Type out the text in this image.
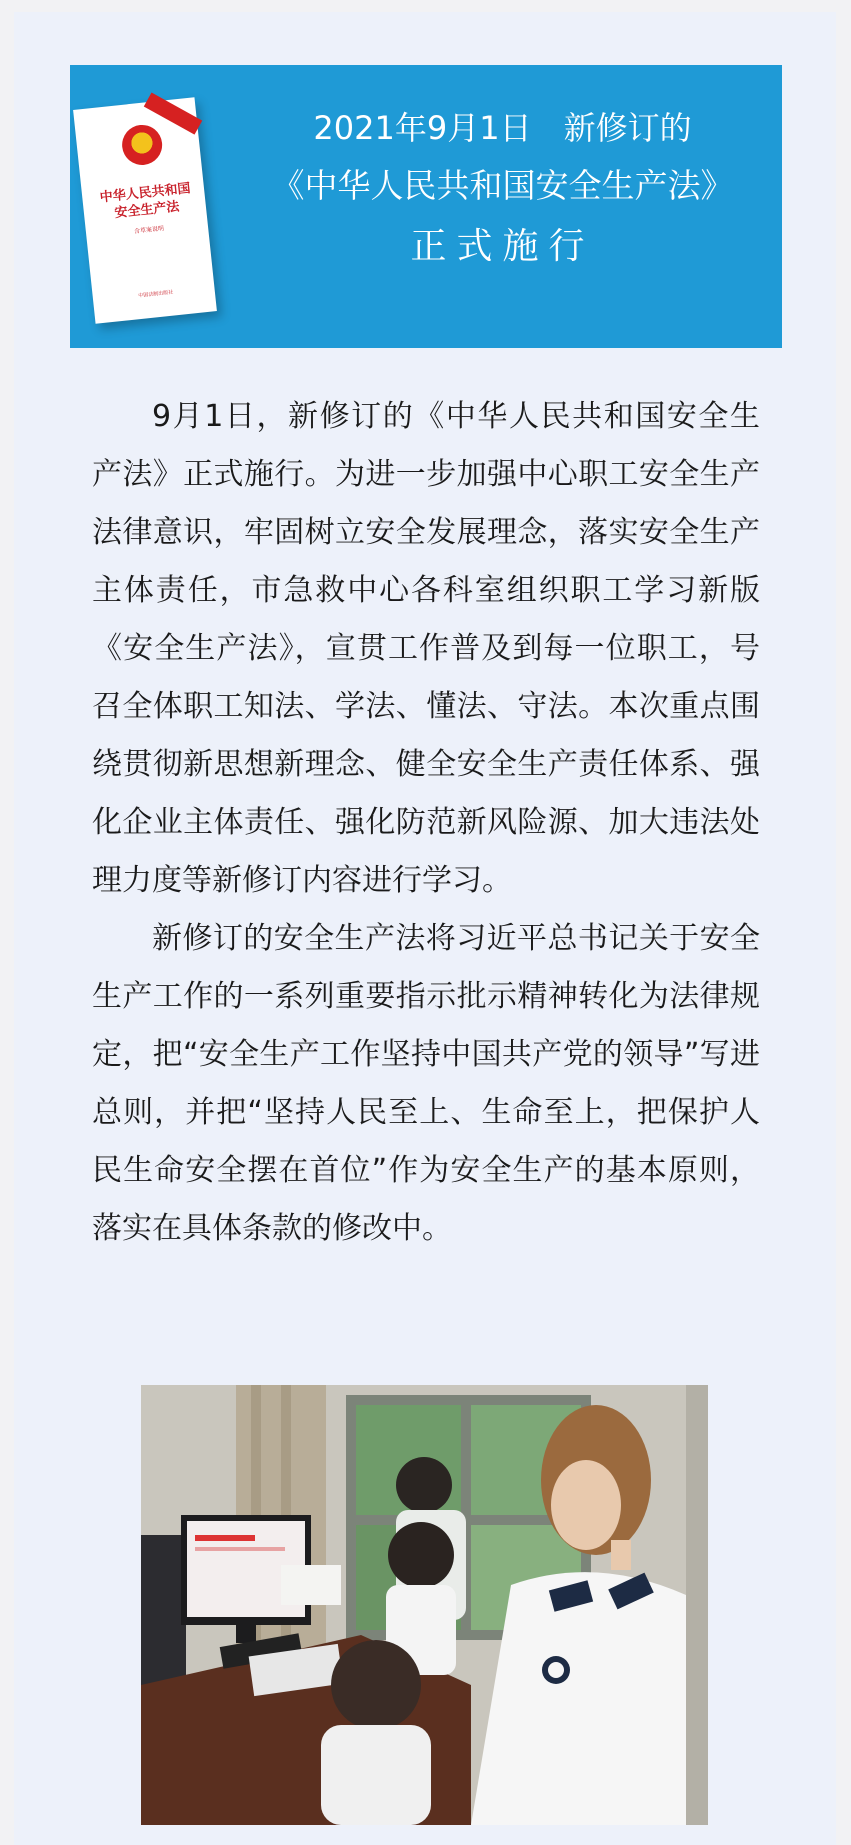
中华人民共和国
安全生产法
含草案说明
中国法制出版社
2021年9月1日　新修订的
《中华人民共和国安全生产法》
正式施行

9月1日，新修订的《中华人民共和国安全生产法》正式施行。为进一步加强中心职工安全生产法律意识，牢固树立安全发展理念，落实安全生产主体责任，市急救中心各科室组织职工学习新版《安全生产法》，宣贯工作普及到每一位职工，号召全体职工知法、学法、懂法、守法。本次重点围绕贯彻新思想新理念、健全安全生产责任体系、强化企业主体责任、强化防范新风险源、加大违法处理力度等新修订内容进行学习。

新修订的安全生产法将习近平总书记关于安全生产工作的一系列重要指示批示精神转化为法律规定，把“安全生产工作坚持中国共产党的领导”写进总则，并把“坚持人民至上、生命至上，把保护人民生命安全摆在首位”作为安全生产的基本原则，落实在具体条款的修改中。
